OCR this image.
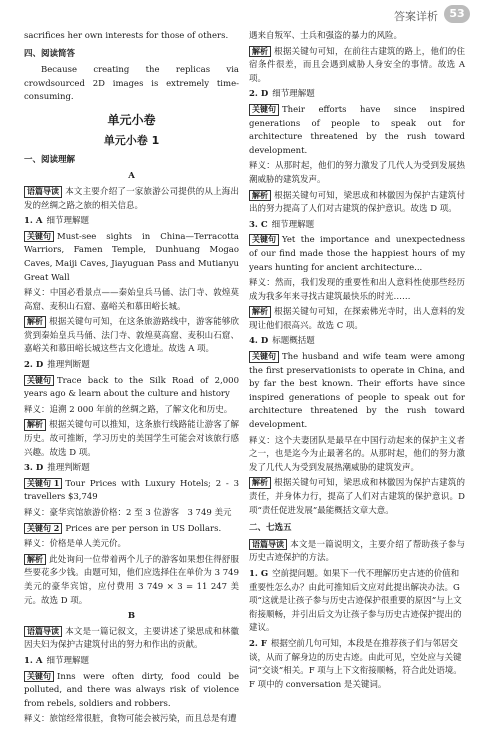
答案详析	53
sacrifices her own interests for those of others.
四、阅读简答
Because creating the replicas via crowdsourced 2D images is extremely time-consuming.
单元小卷
单元小卷 1
一、阅读理解
A
语篇导读 本文主要介绍了一家旅游公司提供的从上海出发的丝绸之路之旅的相关信息。
1. A 细节理解题
关键句 Must-see sights in China—Terracotta Warriors, Famen Temple, Dunhuang Mogao Caves, Maiji Caves, Jiayuguan Pass and Mutianyu Great Wall
释义：中国必看景点——秦始皇兵马俑、法门寺、敦煌莫高窟、麦积山石窟、嘉峪关和慕田峪长城。
解析 根据关键句可知，在这条旅游路线中，游客能够欣赏到秦始皇兵马俑、法门寺、敦煌莫高窟、麦积山石窟、嘉峪关和慕田峪长城这些古文化遗址。故选 A 项。
2. D 推理判断题
关键句 Trace back to the Silk Road of 2,000 years ago & learn about the culture and history
释义：追溯 2 000 年前的丝绸之路，了解文化和历史。
解析 根据关键句可以推知，这条旅行线路能让游客了解历史。故可推断，学习历史的美国学生可能会对该旅行感兴趣。故选 D 项。
3. D 推理判断题
关键句 1 Tour Prices with Luxury Hotels; 2 - 3 travellers $3,749
释义：豪华宾馆旅游价格：2 至 3 位游客　3 749 美元
关键句 2 Prices are per person in US Dollars.
释义：价格是单人美元价。
解析 此处询问一位带着两个儿子的游客如果想住得舒服些要花多少钱。由题可知，他们应选择住在单价为 3 749 美元的豪华宾馆，应付费用 3 749 × 3 = 11 247 美元。故选 D 项。
B
语篇导读 本文是一篇记叙文，主要讲述了梁思成和林徽因夫妇为保护古建筑付出的努力和作出的贡献。
1. A 细节理解题
关键句 Inns were often dirty, food could be polluted, and there was always risk of violence from rebels, soldiers and robbers.
释义：旅馆经常很脏，食物可能会被污染，而且总是有遭
遇来自叛军、士兵和强盗的暴力的风险。
解析 根据关键句可知，在前往古建筑的路上，他们的住宿条件很差，而且会遇到威胁人身安全的事情。故选 A 项。
2. D 细节理解题
关键句 Their efforts have since inspired generations of people to speak out for architecture threatened by the rush toward development.
释义：从那时起，他们的努力激发了几代人为受到发展热潮威胁的建筑发声。
解析 根据关键句可知，梁思成和林徽因为保护古建筑付出的努力提高了人们对古建筑的保护意识。故选 D 项。
3. C 细节理解题
关键句 Yet the importance and unexpectedness of our find made those the happiest hours of my years hunting for ancient architecture...
释义：然而，我们发现的重要性和出人意料性使那些经历成为我多年来寻找古建筑最快乐的时光……
解析 根据关键句可知，在探索佛光寺时，出人意料的发现让他们很高兴。故选 C 项。
4. D 标题概括题
关键句 The husband and wife team were among the first preservationists to operate in China, and by far the best known. Their efforts have since inspired generations of people to speak out for architecture threatened by the rush toward development.
释义：这个夫妻团队是最早在中国行动起来的保护主义者之一，也是迄今为止最著名的。从那时起，他们的努力激发了几代人为受到发展热潮威胁的建筑发声。
解析 根据关键句可知，梁思成和林徽因为保护古建筑的责任，并身体力行，提高了人们对古建筑的保护意识。D 项“责任促进发展”最能概括文章大意。
二、七选五
语篇导读 本文是一篇说明文，主要介绍了帮助孩子参与历史古迹保护的方法。
1. G 空前提问题。如果下一代不理解历史古迹的价值和重要性怎么办？由此可推知后文应对此提出解决办法。G 项“这就是让孩子参与历史古迹保护很重要的原因”与上文衔接顺畅，并引出后文为让孩子参与历史古迹保护提出的建议。
2. F 根据空前几句可知，本段是在推荐孩子们与邻居交谈，从而了解身边的历史古迹。由此可见，空处应与关键词“交谈”相关。F 项与上下文衔接顺畅，符合此处语境。F 项中的 conversation 是关键词。
